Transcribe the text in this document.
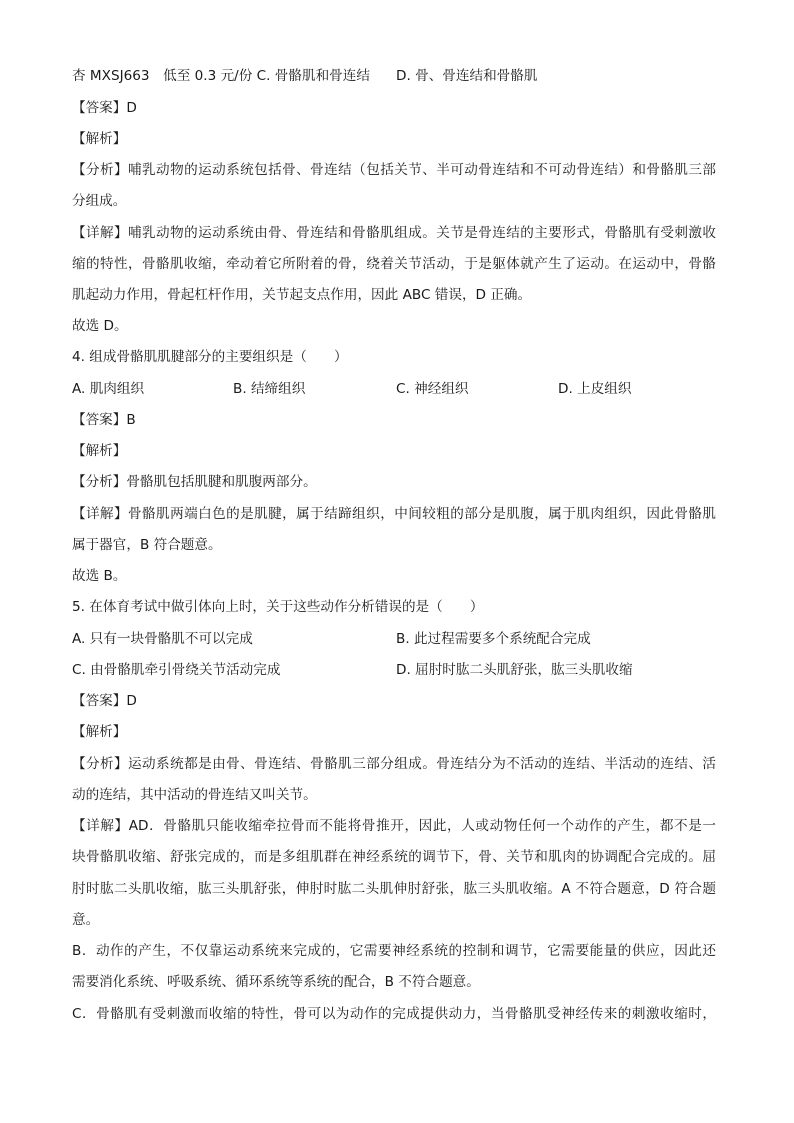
杏 MXSJ663　低至 0.3 元/份 C. 骨骼肌和骨连结 D. 骨、骨连结和骨骼肌
【答案】D
【解析】
【分析】哺乳动物的运动系统包括骨、骨连结（包括关节、半可动骨连结和不可动骨连结）和骨骼肌三部
分组成。
【详解】哺乳动物的运动系统由骨、骨连结和骨骼肌组成。关节是骨连结的主要形式，骨骼肌有受刺激收
缩的特性，骨骼肌收缩，牵动着它所附着的骨，绕着关节活动，于是躯体就产生了运动。在运动中，骨骼
肌起动力作用，骨起杠杆作用，关节起支点作用，因此 ABC 错误，D 正确。
故选 D。
4. 组成骨骼肌肌腱部分的主要组织是（　　）
A. 肌肉组织	B. 结缔组织	C. 神经组织	D. 上皮组织
【答案】B
【解析】
【分析】骨骼肌包括肌腱和肌腹两部分。
【详解】骨骼肌两端白色的是肌腱，属于结蹄组织，中间较粗的部分是肌腹，属于肌肉组织，因此骨骼肌
属于器官，B 符合题意。
故选 B。
5. 在体育考试中做引体向上时，关于这些动作分析错误的是（　　）
A. 只有一块骨骼肌不可以完成	B. 此过程需要多个系统配合完成
C. 由骨骼肌牵引骨绕关节活动完成	D. 屈肘时肱二头肌舒张，肱三头肌收缩
【答案】D
【解析】
【分析】运动系统都是由骨、骨连结、骨骼肌三部分组成。骨连结分为不活动的连结、半活动的连结、活
动的连结，其中活动的骨连结又叫关节。
【详解】AD．骨骼肌只能收缩牵拉骨而不能将骨推开，因此，人或动物任何一个动作的产生，都不是一
块骨骼肌收缩、舒张完成的，而是多组肌群在神经系统的调节下，骨、关节和肌肉的协调配合完成的。屈
肘时肱二头肌收缩，肱三头肌舒张，伸肘时肱二头肌伸肘舒张，肱三头肌收缩。A 不符合题意，D 符合题
意。
B．动作的产生，不仅靠运动系统来完成的，它需要神经系统的控制和调节，它需要能量的供应，因此还
需要消化系统、呼吸系统、循环系统等系统的配合，B 不符合题意。
C．骨骼肌有受刺激而收缩的特性，骨可以为动作的完成提供动力，当骨骼肌受神经传来的刺激收缩时，
